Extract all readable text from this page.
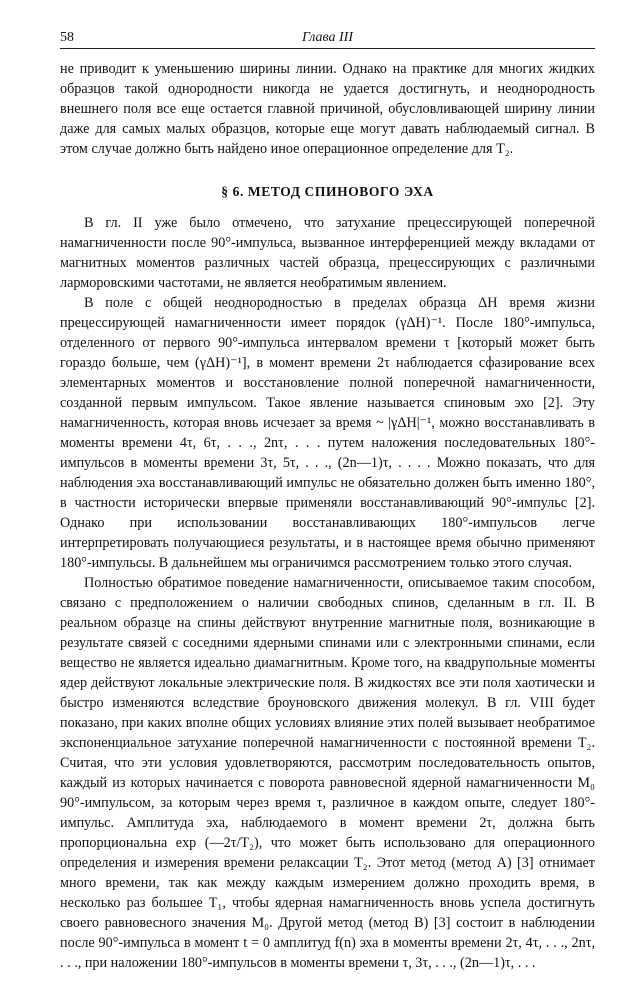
58	Глава III

не приводит к уменьшению ширины линии. Однако на практике для многих жидких образцов такой однородности никогда не удается достигнуть, и неоднородность внешнего поля все еще остается главной причиной, обусловливающей ширину линии даже для самых малых образцов, которые еще могут давать наблюдаемый сигнал. В этом случае должно быть найдено иное операционное определение для T₂.

§ 6. МЕТОД СПИНОВОГО ЭХА

В гл. II уже было отмечено, что затухание прецессирующей поперечной намагниченности после 90°-импульса, вызванное интерференцией между вкладами от магнитных моментов различных частей образца, прецессирующих с различными ларморовскими частотами, не является необратимым явлением.

В поле с общей неоднородностью в пределах образца ΔH время жизни прецессирующей намагниченности имеет порядок (γΔH)⁻¹. После 180°-импульса, отделенного от первого 90°-импульса интервалом времени τ [который может быть гораздо больше, чем (γΔH)⁻¹], в момент времени 2τ наблюдается сфазирование всех элементарных моментов и восстановление полной поперечной намагниченности, созданной первым импульсом. Такое явление называется спиновым эхо [2]. Эту намагниченность, которая вновь исчезает за время ~ |γΔH|⁻¹, можно восстанавливать в моменты времени 4τ, 6τ, . . ., 2nτ, . . . путем наложения последовательных 180°-импульсов в моменты времени 3τ, 5τ, . . ., (2n—1)τ, . . . . Можно показать, что для наблюдения эха восстанавливающий импульс не обязательно должен быть именно 180°, в частности исторически впервые применяли восстанавливающий 90°-импульс [2]. Однако при использовании восстанавливающих 180°-импульсов легче интерпретировать получающиеся результаты, и в настоящее время обычно применяют 180°-импульсы. В дальнейшем мы ограничимся рассмотрением только этого случая.

Полностью обратимое поведение намагниченности, описываемое таким способом, связано с предположением о наличии свободных спинов, сделанным в гл. II. В реальном образце на спины действуют внутренние магнитные поля, возникающие в результате связей с соседними ядерными спинами или с электронными спинами, если вещество не является идеально диамагнитным. Кроме того, на квадрупольные моменты ядер действуют локальные электрические поля. В жидкостях все эти поля хаотически и быстро изменяются вследствие броуновского движения молекул. В гл. VIII будет показано, при каких вполне общих условиях влияние этих полей вызывает необратимое экспоненциальное затухание поперечной намагниченности с постоянной времени T₂. Считая, что эти условия удовлетворяются, рассмотрим последовательность опытов, каждый из которых начинается с поворота равновесной ядерной намагниченности M₀ 90°-импульсом, за которым через время τ, различное в каждом опыте, следует 180°-импульс. Амплитуда эха, наблюдаемого в момент времени 2τ, должна быть пропорциональна exp (—2τ/T₂), что может быть использовано для операционного определения и измерения времени релаксации T₂. Этот метод (метод A) [3] отнимает много времени, так как между каждым измерением должно проходить время, в несколько раз большее T₁, чтобы ядерная намагниченность вновь успела достигнуть своего равновесного значения M₀. Другой метод (метод B) [3] состоит в наблюдении после 90°-импульса в момент t = 0 амплитуд f(n) эха в моменты времени 2τ, 4τ, . . ., 2nτ, . . ., при наложении 180°-импульсов в моменты времени τ, 3τ, . . ., (2n—1)τ, . . .
